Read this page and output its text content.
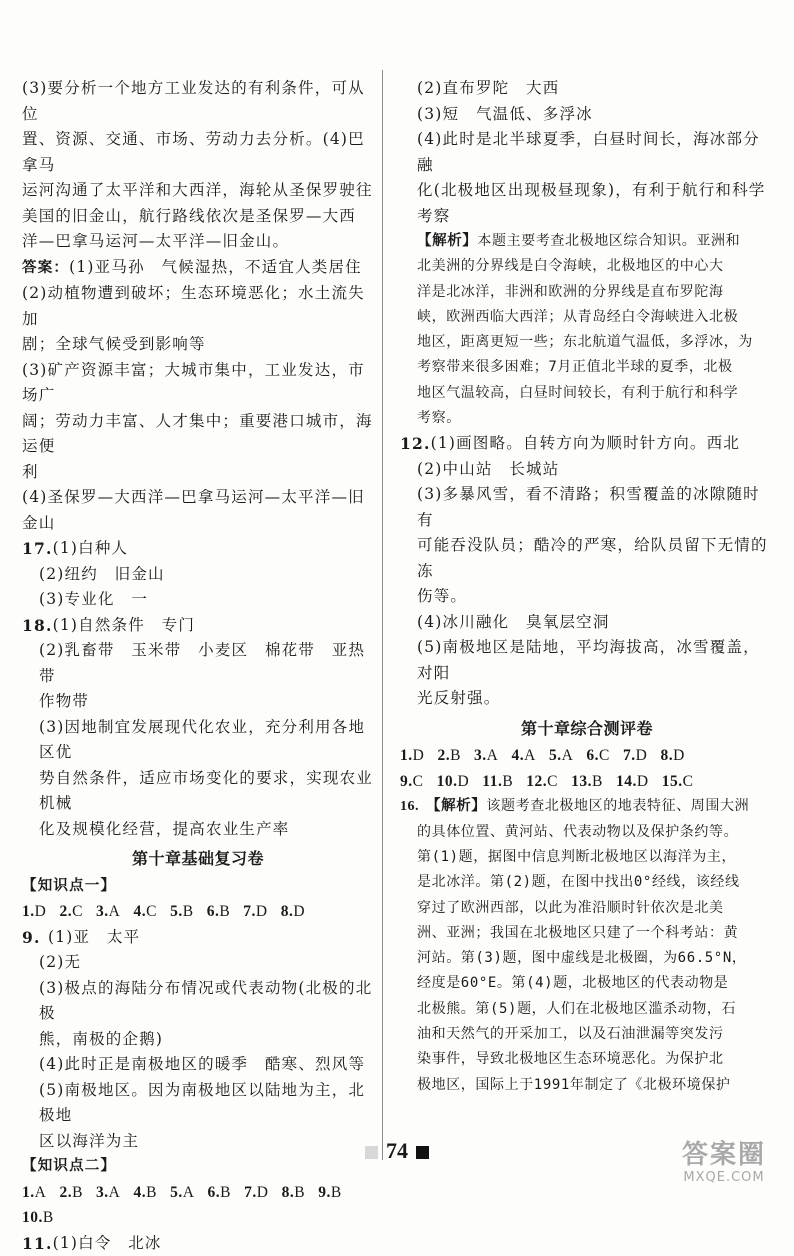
(3)要分析一个地方工业发达的有利条件，可从位

置、资源、交通、市场、劳动力去分析。(4)巴拿马

运河沟通了太平洋和大西洋，海轮从圣保罗驶往

美国的旧金山，航行路线依次是圣保罗—大西

洋—巴拿马运河—太平洋—旧金山。

答案：(1)亚马孙　气候湿热，不适宜人类居住

(2)动植物遭到破坏；生态环境恶化；水土流失加

剧；全球气候受到影响等

(3)矿产资源丰富；大城市集中，工业发达，市场广

阔；劳动力丰富、人才集中；重要港口城市，海运便

利

(4)圣保罗—大西洋—巴拿马运河—太平洋—旧

金山

17. (1)白种人

(2)纽约　旧金山

(3)专业化　一

18. (1)自然条件　专门

(2)乳畜带　玉米带　小麦区　棉花带　亚热带

作物带

(3)因地制宜发展现代化农业，充分利用各地区优

势自然条件，适应市场变化的要求，实现农业机械

化及规模化经营，提高农业生产率

第十章基础复习卷

【知识点一】

1.D 2.C 3.A 4.C 5.B 6.B 7.D 8.D

9. (1)亚　太平

(2)无

(3)极点的海陆分布情况或代表动物(北极的北极

熊，南极的企鹅)

(4)此时正是南极地区的暖季　酷寒、烈风等

(5)南极地区。因为南极地区以陆地为主，北极地

区以海洋为主

【知识点二】

1.A 2.B 3.A 4.B 5.A 6.B 7.D 8.B 9.B

10.B

11. (1)白令　北冰

(2)直布罗陀　大西

(3)短　气温低、多浮冰

(4)此时是北半球夏季，白昼时间长，海冰部分融

化(北极地区出现极昼现象)，有利于航行和科学

考察

【解析】本题主要考查北极地区综合知识。亚洲和

北美洲的分界线是白令海峡，北极地区的中心大

洋是北冰洋，非洲和欧洲的分界线是直布罗陀海

峡，欧洲西临大西洋；从青岛经白令海峡进入北极

地区，距离更短一些；东北航道气温低，多浮冰，为

考察带来很多困难；7月正值北半球的夏季，北极

地区气温较高，白昼时间较长，有利于航行和科学

考察。

12. (1)画图略。自转方向为顺时针方向。西北

(2)中山站　长城站

(3)多暴风雪，看不清路；积雪覆盖的冰隙随时有

可能吞没队员；酷冷的严寒，给队员留下无情的冻

伤等。

(4)冰川融化　臭氧层空洞

(5)南极地区是陆地，平均海拔高，冰雪覆盖，对阳

光反射强。

第十章综合测评卷

1.D 2.B 3.A 4.A 5.A 6.C 7.D 8.D

9.C 10.D 11.B 12.C 13.B 14.D 15.C

16. 【解析】该题考查北极地区的地表特征、周围大洲

的具体位置、黄河站、代表动物以及保护条约等。

第(1)题，据图中信息判断北极地区以海洋为主，

是北冰洋。第(2)题，在图中找出0°经线，该经线

穿过了欧洲西部，以此为准沿顺时针依次是北美

洲、亚洲；我国在北极地区只建了一个科考站：黄

河站。第(3)题，图中虚线是北极圈，为66.5°N，

经度是60°E。第(4)题，北极地区的代表动物是

北极熊。第(5)题，人们在北极地区滥杀动物，石

油和天然气的开采加工，以及石油泄漏等突发污

染事件，导致北极地区生态环境恶化。为保护北

极地区，国际上于1991年制定了《北极环境保护

74	答案圈
MXQE.COM
